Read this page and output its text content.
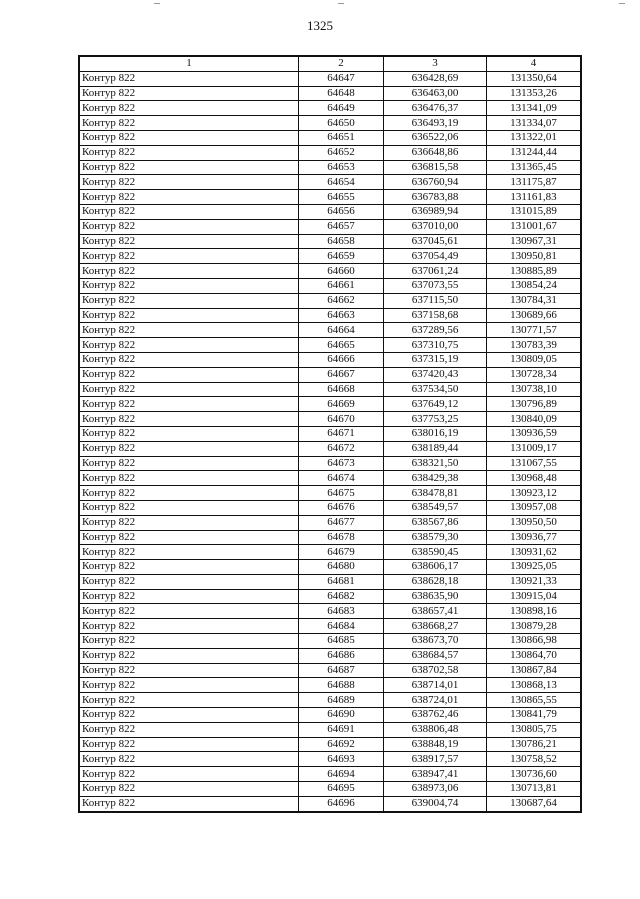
1325
1	2	3	4
Контур 822	64647	636428,69	131350,64
Контур 822	64648	636463,00	131353,26
Контур 822	64649	636476,37	131341,09
Контур 822	64650	636493,19	131334,07
Контур 822	64651	636522,06	131322,01
Контур 822	64652	636648,86	131244,44
Контур 822	64653	636815,58	131365,45
Контур 822	64654	636760,94	131175,87
Контур 822	64655	636783,88	131161,83
Контур 822	64656	636989,94	131015,89
Контур 822	64657	637010,00	131001,67
Контур 822	64658	637045,61	130967,31
Контур 822	64659	637054,49	130950,81
Контур 822	64660	637061,24	130885,89
Контур 822	64661	637073,55	130854,24
Контур 822	64662	637115,50	130784,31
Контур 822	64663	637158,68	130689,66
Контур 822	64664	637289,56	130771,57
Контур 822	64665	637310,75	130783,39
Контур 822	64666	637315,19	130809,05
Контур 822	64667	637420,43	130728,34
Контур 822	64668	637534,50	130738,10
Контур 822	64669	637649,12	130796,89
Контур 822	64670	637753,25	130840,09
Контур 822	64671	638016,19	130936,59
Контур 822	64672	638189,44	131009,17
Контур 822	64673	638321,50	131067,55
Контур 822	64674	638429,38	130968,48
Контур 822	64675	638478,81	130923,12
Контур 822	64676	638549,57	130957,08
Контур 822	64677	638567,86	130950,50
Контур 822	64678	638579,30	130936,77
Контур 822	64679	638590,45	130931,62
Контур 822	64680	638606,17	130925,05
Контур 822	64681	638628,18	130921,33
Контур 822	64682	638635,90	130915,04
Контур 822	64683	638657,41	130898,16
Контур 822	64684	638668,27	130879,28
Контур 822	64685	638673,70	130866,98
Контур 822	64686	638684,57	130864,70
Контур 822	64687	638702,58	130867,84
Контур 822	64688	638714,01	130868,13
Контур 822	64689	638724,01	130865,55
Контур 822	64690	638762,46	130841,79
Контур 822	64691	638806,48	130805,75
Контур 822	64692	638848,19	130786,21
Контур 822	64693	638917,57	130758,52
Контур 822	64694	638947,41	130736,60
Контур 822	64695	638973,06	130713,81
Контур 822	64696	639004,74	130687,64
